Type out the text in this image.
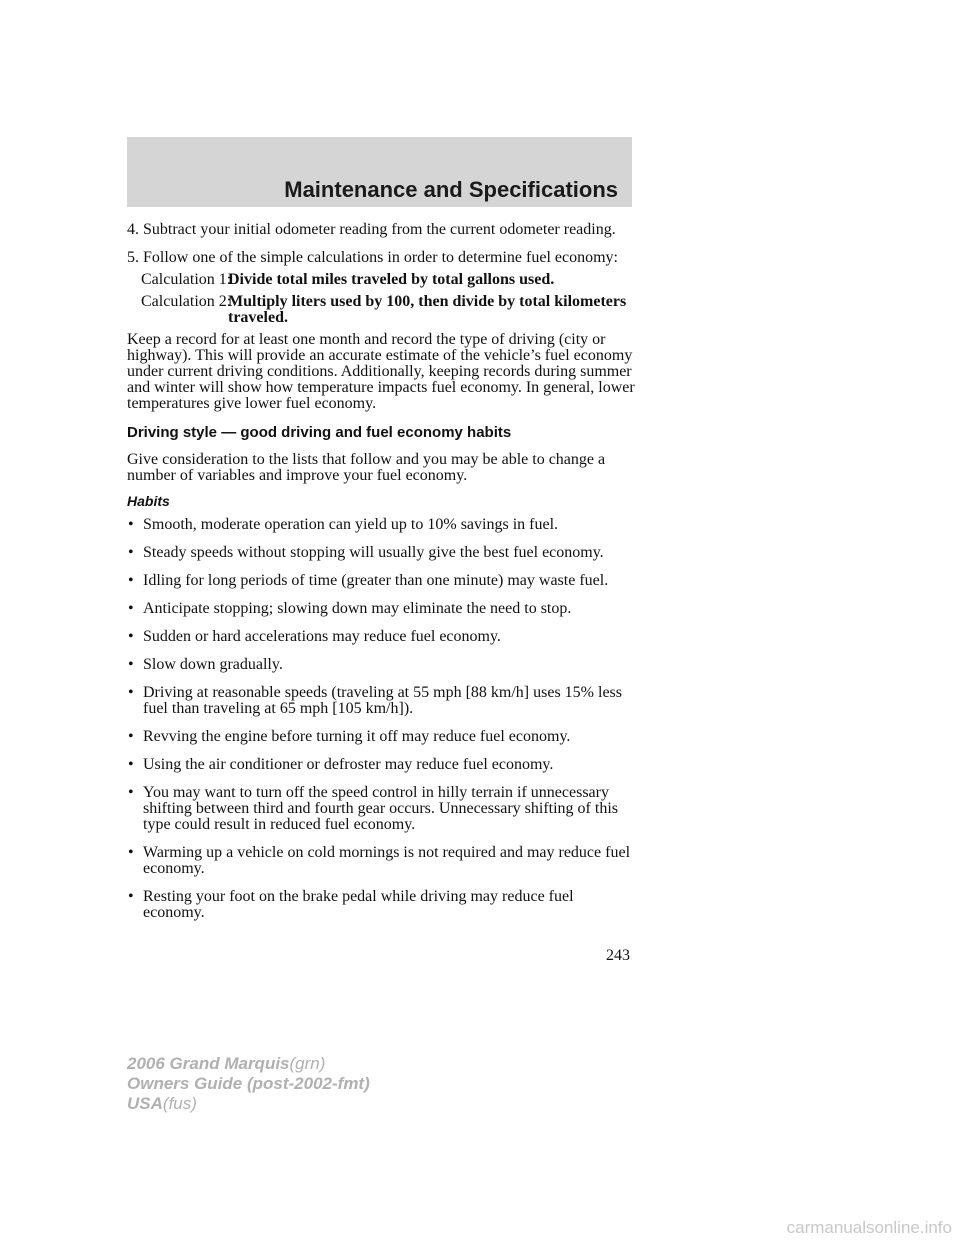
Maintenance and Specifications

4. Subtract your initial odometer reading from the current odometer reading.

5. Follow one of the simple calculations in order to determine fuel economy:

Calculation 1:
Divide total miles traveled by total gallons used.
Calculation 2:
Multiply liters used by 100, then divide by total kilometers traveled.

Keep a record for at least one month and record the type of driving (city or highway). This will provide an accurate estimate of the vehicle’s fuel economy under current driving conditions. Additionally, keeping records during summer and winter will show how temperature impacts fuel economy. In general, lower temperatures give lower fuel economy.

Driving style — good driving and fuel economy habits

Give consideration to the lists that follow and you may be able to change a number of variables and improve your fuel economy.

Habits
• Smooth, moderate operation can yield up to 10% savings in fuel.
• Steady speeds without stopping will usually give the best fuel economy.
• Idling for long periods of time (greater than one minute) may waste fuel.
• Anticipate stopping; slowing down may eliminate the need to stop.
• Sudden or hard accelerations may reduce fuel economy.
• Slow down gradually.
• Driving at reasonable speeds (traveling at 55 mph [88 km/h] uses 15% less fuel than traveling at 65 mph [105 km/h]).
• Revving the engine before turning it off may reduce fuel economy.
• Using the air conditioner or defroster may reduce fuel economy.
• You may want to turn off the speed control in hilly terrain if unnecessary shifting between third and fourth gear occurs. Unnecessary shifting of this type could result in reduced fuel economy.
• Warming up a vehicle on cold mornings is not required and may reduce fuel economy.
• Resting your foot on the brake pedal while driving may reduce fuel economy.
243
2006 Grand Marquis(grn)
Owners Guide (post-2002-fmt)
USA(fus)
carmanualsonline.info
